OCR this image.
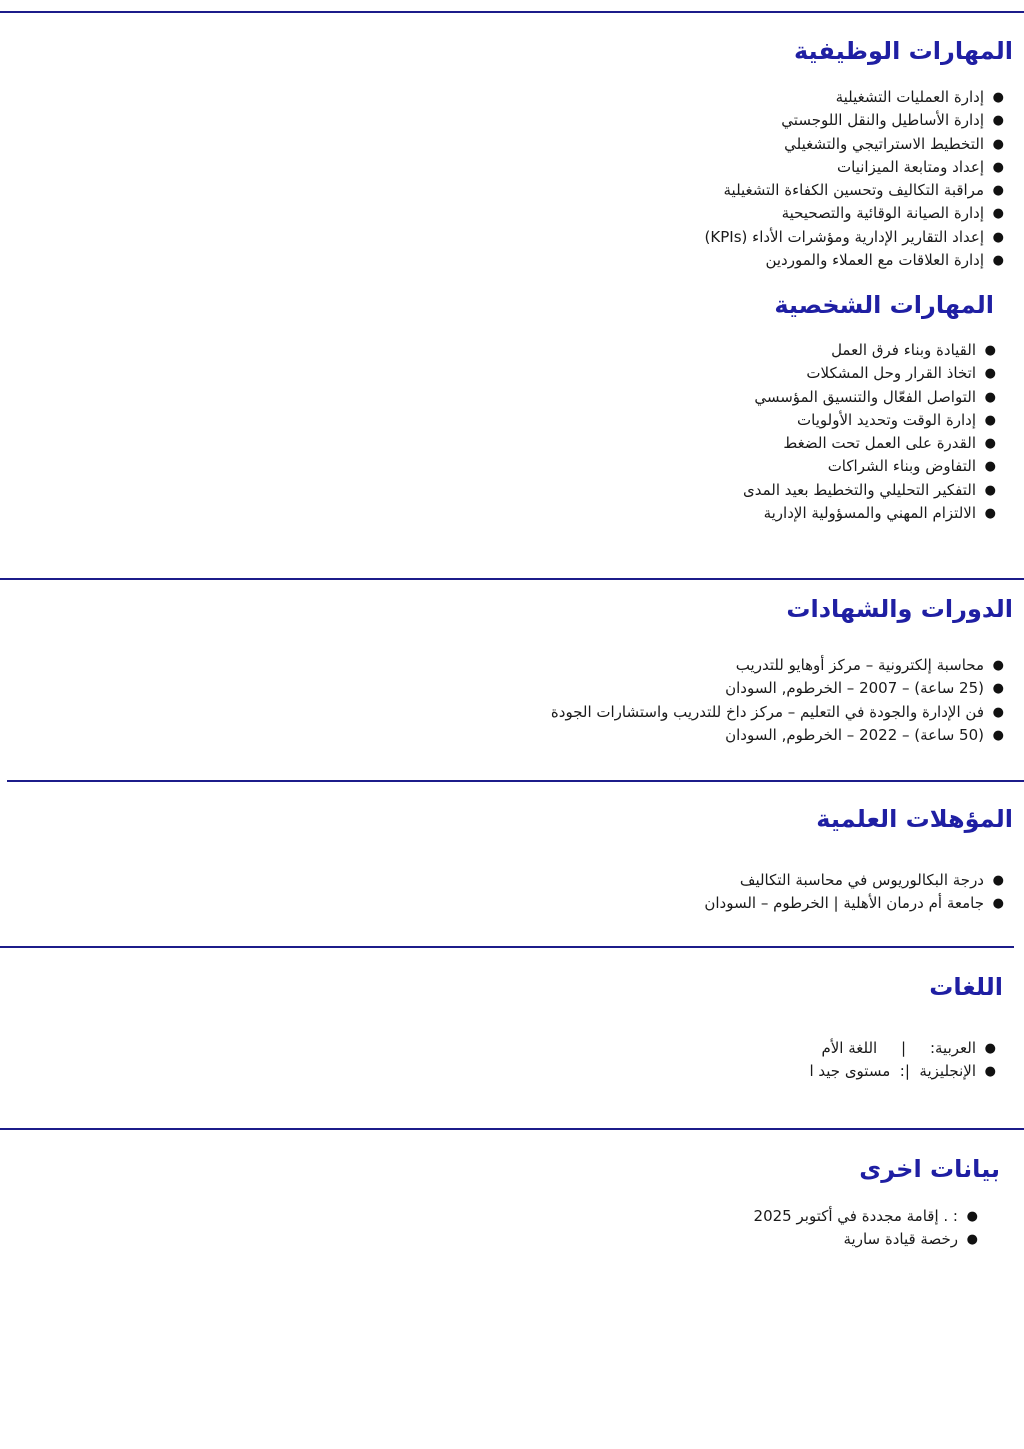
المهارات الوظيفية
●
إدارة العمليات التشغيلية
●
إدارة الأساطيل والنقل اللوجستي
●
التخطيط الاستراتيجي والتشغيلي
●
إعداد ومتابعة الميزانيات
●
مراقبة التكاليف وتحسين الكفاءة التشغيلية
●
إدارة الصيانة الوقائية والتصحيحية
●
إعداد التقارير الإدارية ومؤشرات الأداء (KPIs)
●
إدارة العلاقات مع العملاء والموردين
المهارات الشخصية
●
القيادة وبناء فرق العمل
●
اتخاذ القرار وحل المشكلات
●
التواصل الفعّال والتنسيق المؤسسي
●
إدارة الوقت وتحديد الأولويات
●
القدرة على العمل تحت الضغط
●
التفاوض وبناء الشراكات
●
التفكير التحليلي والتخطيط بعيد المدى
●
الالتزام المهني والمسؤولية الإدارية
الدورات والشهادات
●
محاسبة إلكترونية – مركز أوهايو للتدريب
●
(25 ساعة) – 2007 – الخرطوم, السودان
●
فن الإدارة والجودة في التعليم – مركز داخ للتدريب واستشارات الجودة
●
(50 ساعة) – 2022 – الخرطوم, السودان
المؤهلات العلمية
●
درجة البكالوريوس في محاسبة التكاليف
●
جامعة أم درمان الأهلية | الخرطوم – السودان
اللغات
●
العربية:     |     اللغة الأم
●
الإنجليزية  |:  مستوى جيد ا
بيانات اخرى
●
: . إقامة مجددة في أكتوبر 2025
●
رخصة قيادة سارية
